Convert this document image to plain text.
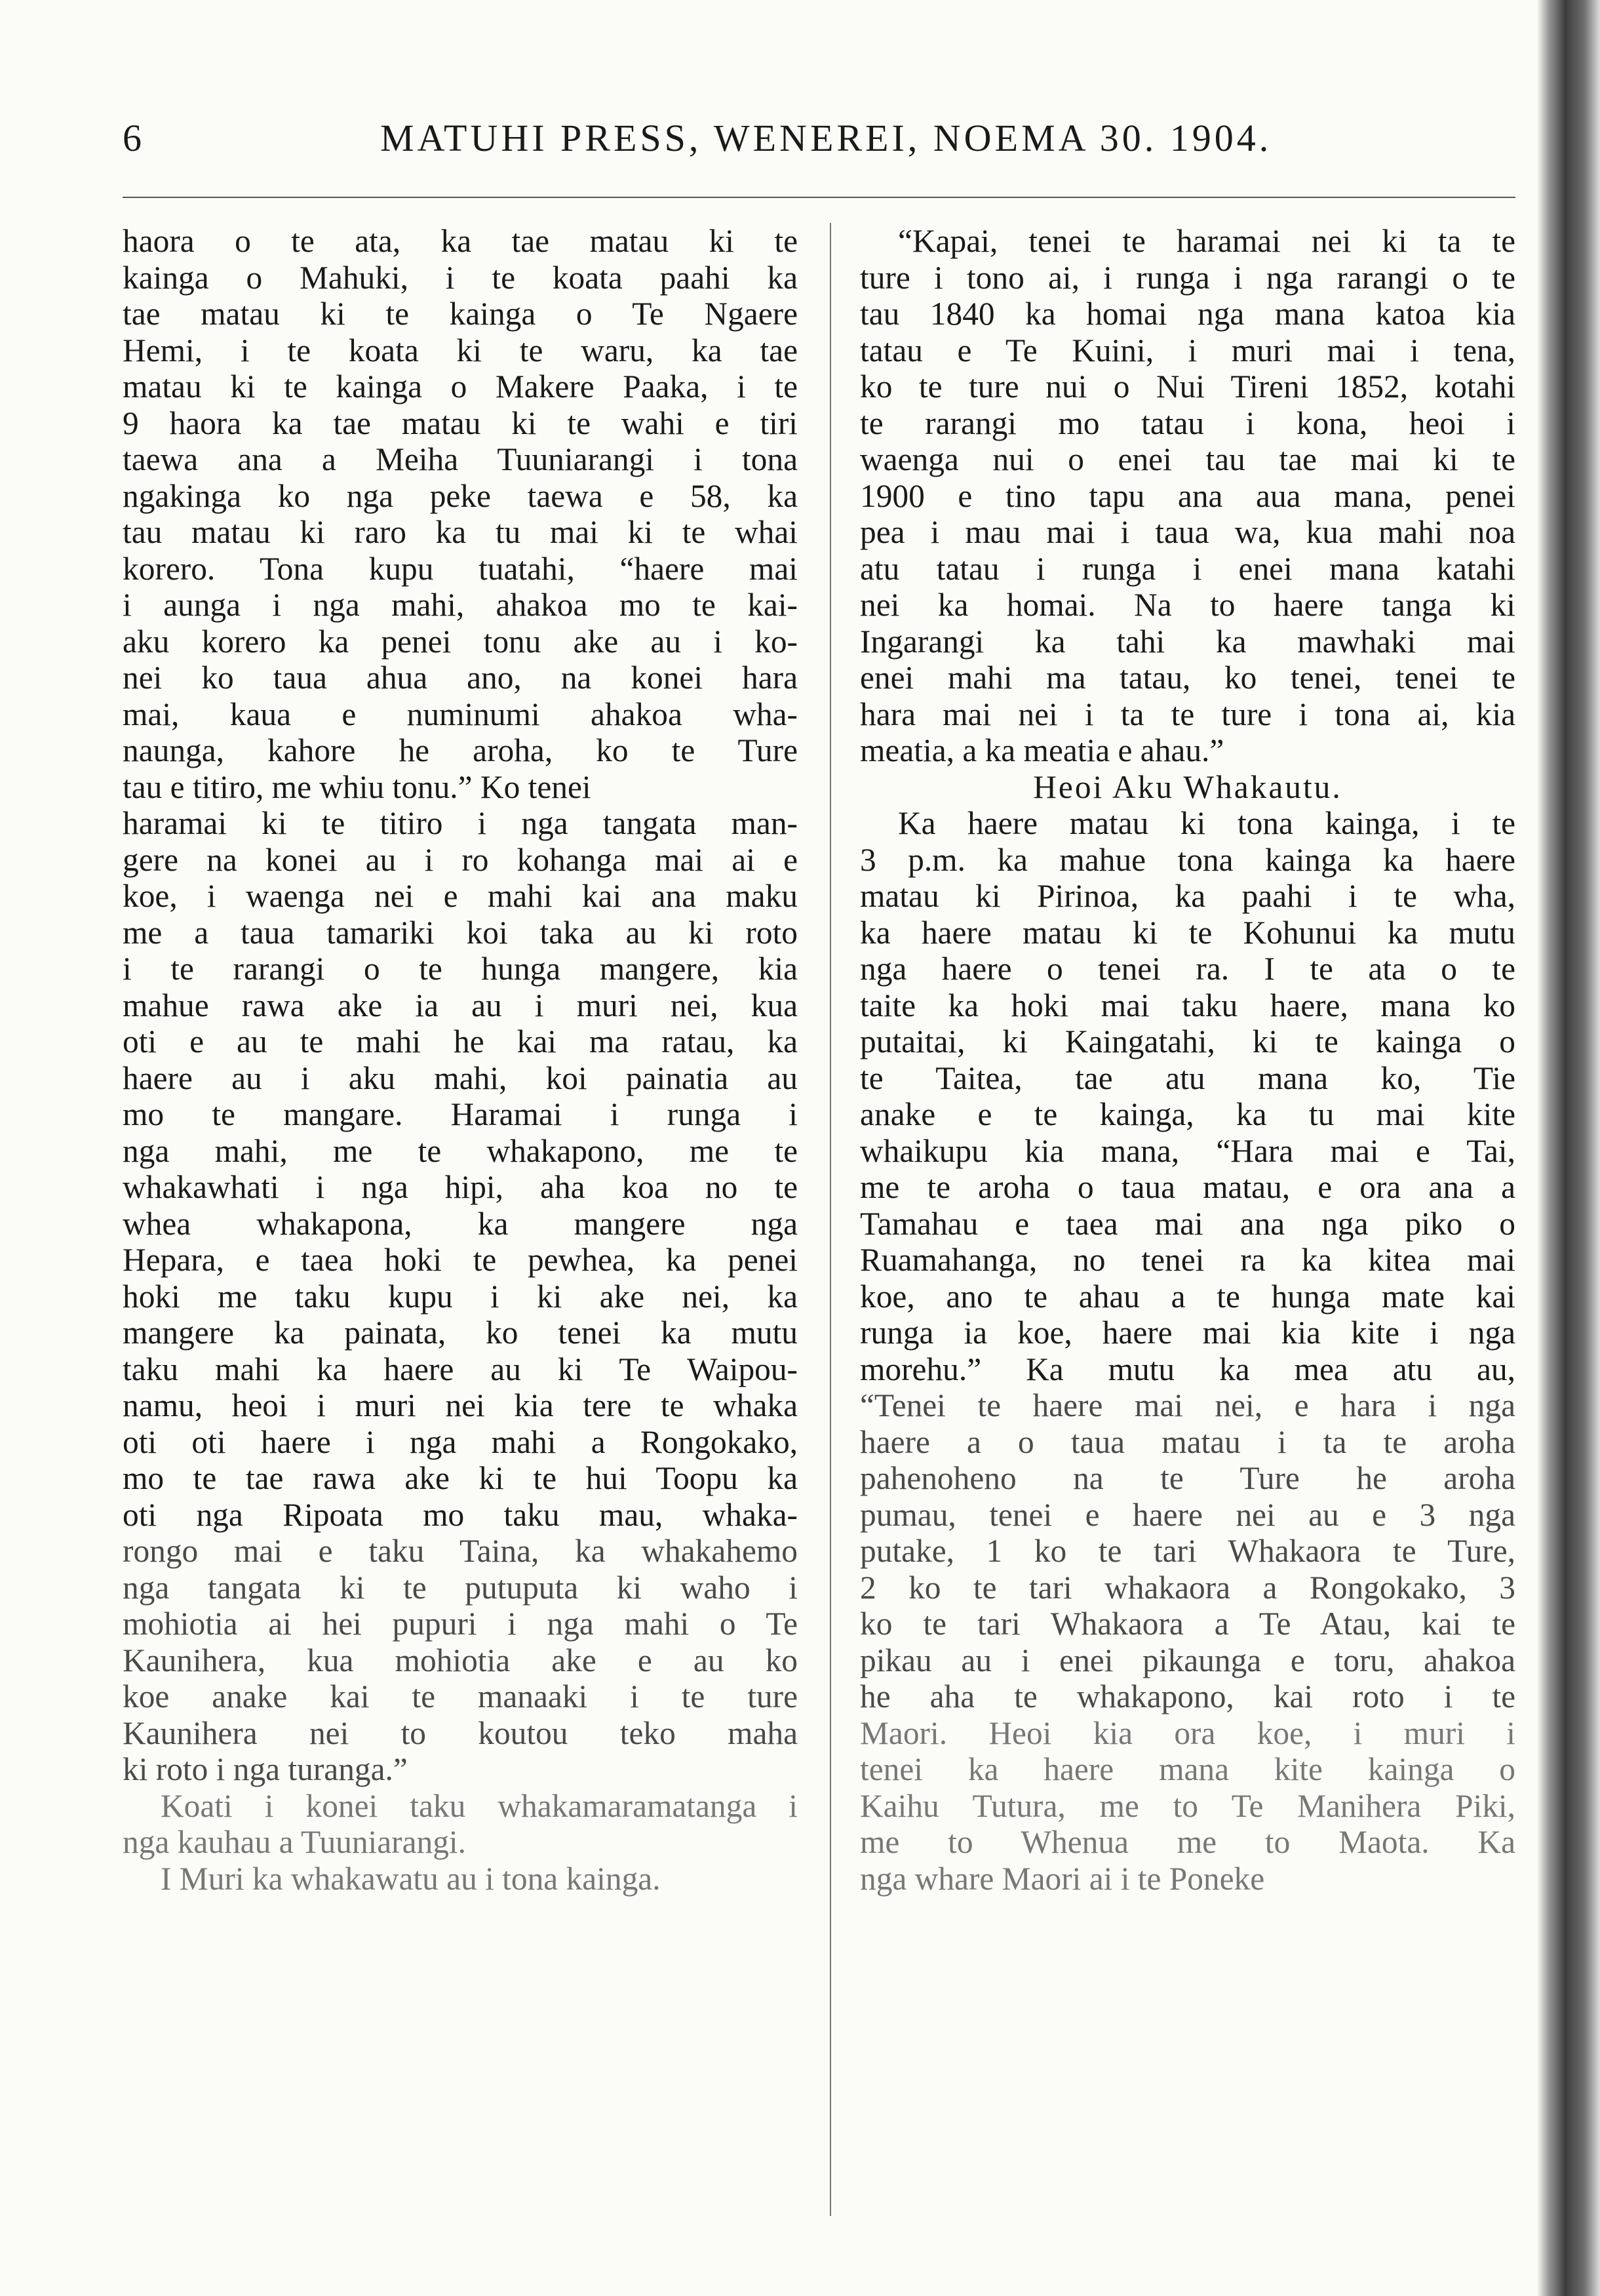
6	MATUHI PRESS, WENEREI, NOEMA 30. 1904.
haora o te ata, ka tae matau ki te
kainga o Mahuki, i te koata paahi ka
tae matau ki te kainga o Te Ngaere
Hemi, i te koata ki te waru, ka tae
matau ki te kainga o Makere Paaka, i te
9 haora ka tae matau ki te wahi e tiri
taewa ana a Meiha Tuuniarangi i tona
ngakinga ko nga peke taewa e 58, ka
tau matau ki raro ka tu mai ki te whai
korero. Tona kupu tuatahi, “haere mai
i aunga i nga mahi, ahakoa mo te kai-
aku korero ka penei tonu ake au i ko-
nei ko taua ahua ano, na konei hara
mai, kaua e numinumi ahakoa wha-
naunga, kahore he aroha, ko te Ture
tau e titiro, me whiu tonu.” Ko tenei
haramai ki te titiro i nga tangata man-
gere na konei au i ro kohanga mai ai e
koe, i waenga nei e mahi kai ana maku
me a taua tamariki koi taka au ki roto
i te rarangi o te hunga mangere, kia
mahue rawa ake ia au i muri nei, kua
oti e au te mahi he kai ma ratau, ka
haere au i aku mahi, koi painatia au
mo te mangare. Haramai i runga i
nga mahi, me te whakapono, me te
whakawhati i nga hipi, aha koa no te
whea whakapona, ka mangere nga
Hepara, e taea hoki te pewhea, ka penei
hoki me taku kupu i ki ake nei, ka
mangere ka painata, ko tenei ka mutu
taku mahi ka haere au ki Te Waipou-
namu, heoi i muri nei kia tere te whaka
oti oti haere i nga mahi a Rongokako,
mo te tae rawa ake ki te hui Toopu ka
oti nga Ripoata mo taku mau, whaka-
rongo mai e taku Taina, ka whakahemo
nga tangata ki te putuputa ki waho i
mohiotia ai hei pupuri i nga mahi o Te
Kaunihera, kua mohiotia ake e au ko
koe anake kai te manaaki i te ture
Kaunihera nei to koutou teko maha
ki roto i nga turanga.”
Koati i konei taku whakamaramatanga i
nga kauhau a Tuuniarangi.
I Muri ka whakawatu au i tona kainga.
“Kapai, tenei te haramai nei ki ta te
ture i tono ai, i runga i nga rarangi o te
tau 1840 ka homai nga mana katoa kia
tatau e Te Kuini, i muri mai i tena,
ko te ture nui o Nui Tireni 1852, kotahi
te rarangi mo tatau i kona, heoi i
waenga nui o enei tau tae mai ki te
1900 e tino tapu ana aua mana, penei
pea i mau mai i taua wa, kua mahi noa
atu tatau i runga i enei mana katahi
nei ka homai. Na to haere tanga ki
Ingarangi ka tahi ka mawhaki mai
enei mahi ma tatau, ko tenei, tenei te
hara mai nei i ta te ture i tona ai, kia
meatia, a ka meatia e ahau.”
Heoi Aku Whakautu.
Ka haere matau ki tona kainga, i te
3 p.m. ka mahue tona kainga ka haere
matau ki Pirinoa, ka paahi i te wha,
ka haere matau ki te Kohunui ka mutu
nga haere o tenei ra. I te ata o te
taite ka hoki mai taku haere, mana ko
putaitai, ki Kaingatahi, ki te kainga o
te Taitea, tae atu mana ko, Tie
anake e te kainga, ka tu mai kite
whaikupu kia mana, “Hara mai e Tai,
me te aroha o taua matau, e ora ana a
Tamahau e taea mai ana nga piko o
Ruamahanga, no tenei ra ka kitea mai
koe, ano te ahau a te hunga mate kai
runga ia koe, haere mai kia kite i nga
morehu.” Ka mutu ka mea atu au,
“Tenei te haere mai nei, e hara i nga
haere a o taua matau i ta te aroha
pahenoheno na te Ture he aroha
pumau, tenei e haere nei au e 3 nga
putake, 1 ko te tari Whakaora te Ture,
2 ko te tari whakaora a Rongokako, 3
ko te tari Whakaora a Te Atau, kai te
pikau au i enei pikaunga e toru, ahakoa
he aha te whakapono, kai roto i te
Maori. Heoi kia ora koe, i muri i
tenei ka haere mana kite kainga o
Kaihu Tutura, me to Te Manihera Piki,
me to Whenua me to Maota. Ka
nga whare Maori ai i te Poneke
